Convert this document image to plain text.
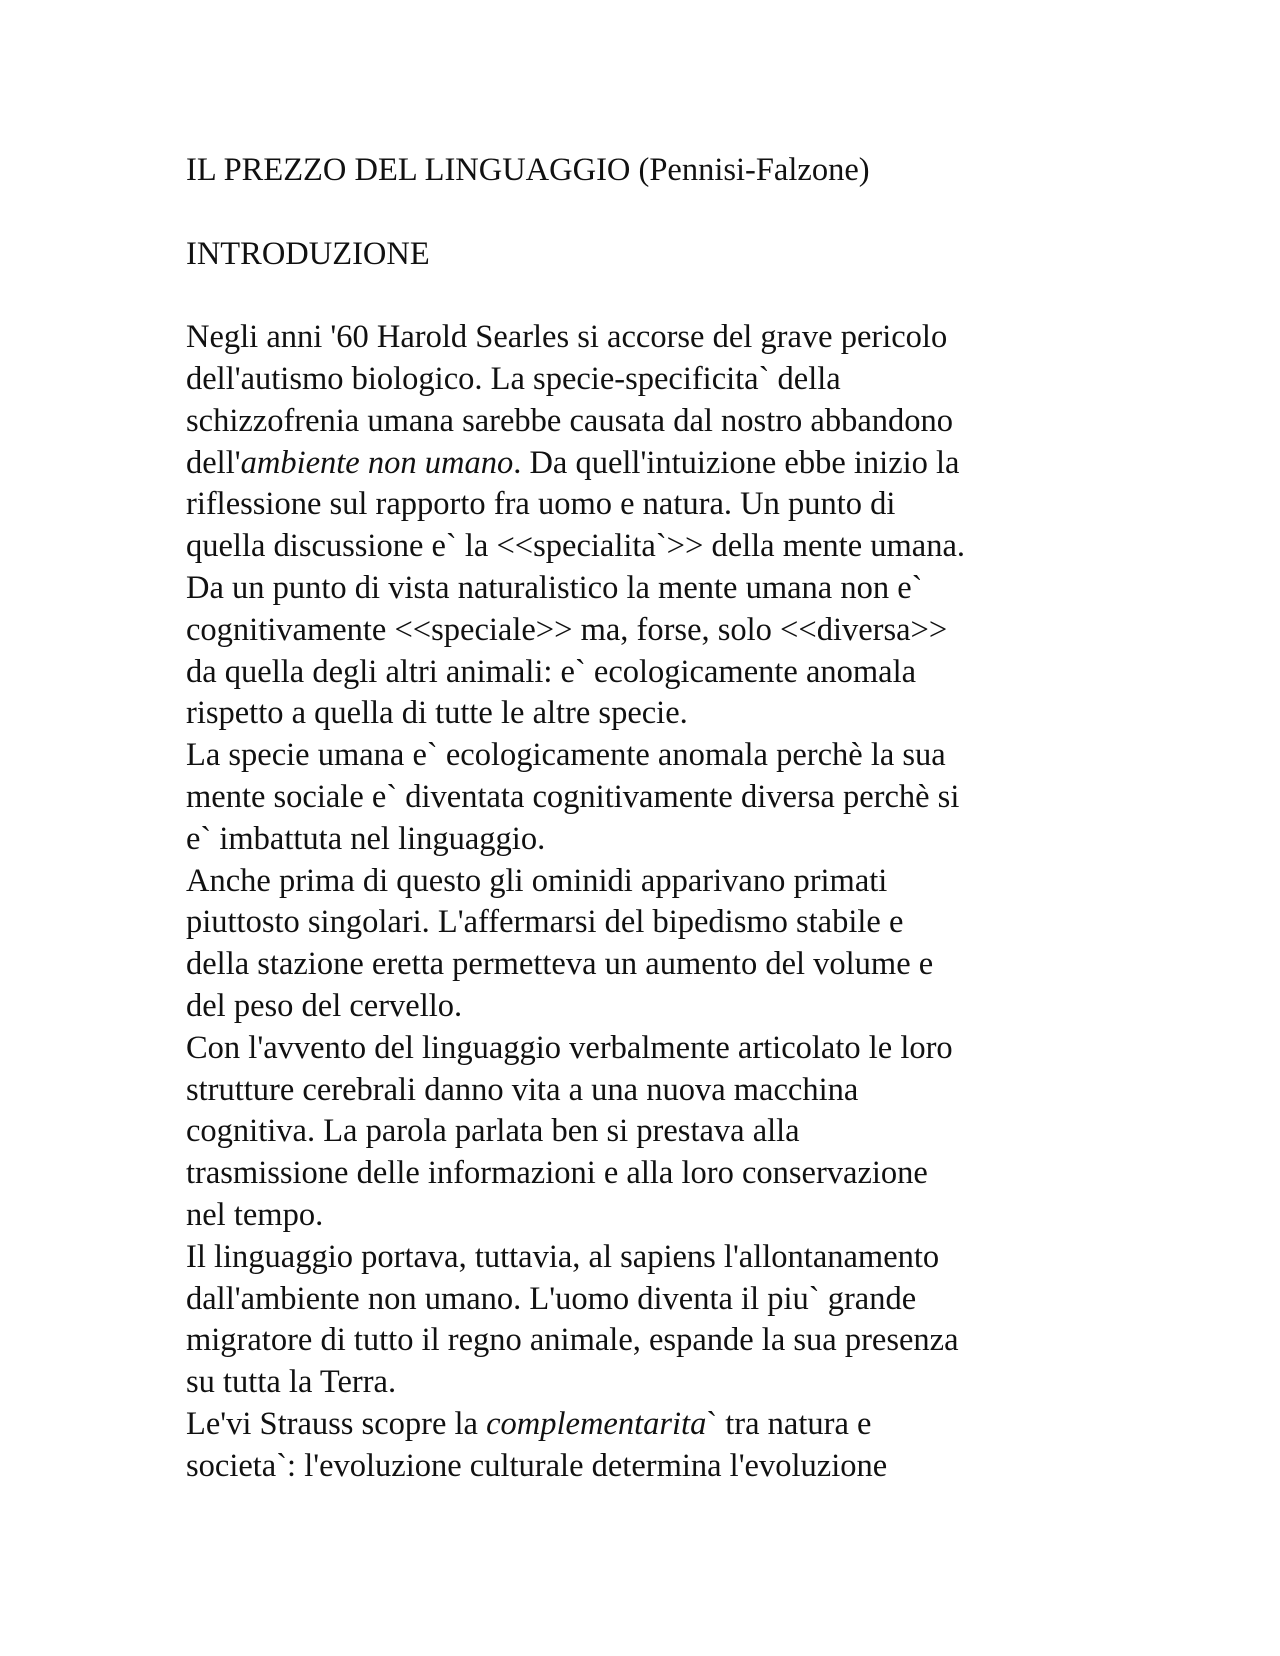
IL PREZZO DEL LINGUAGGIO (Pennisi-Falzone)
INTRODUZIONE
Negli anni '60 Harold Searles si accorse del grave pericolo
dell'autismo biologico. La specie-specificita` della
schizzofrenia umana sarebbe causata dal nostro abbandono
dell'ambiente non umano. Da quell'intuizione ebbe inizio la
riflessione sul rapporto fra uomo e natura. Un punto di
quella discussione e` la <<specialita`>> della mente umana.
Da un punto di vista naturalistico la mente umana non e`
cognitivamente <<speciale>> ma, forse, solo <<diversa>>
da quella degli altri animali: e` ecologicamente anomala
rispetto a quella di tutte le altre specie.
La specie umana e` ecologicamente anomala perchè la sua
mente sociale e` diventata cognitivamente diversa perchè si
e` imbattuta nel linguaggio.
Anche prima di questo gli ominidi apparivano primati
piuttosto singolari. L'affermarsi del bipedismo stabile e
della stazione eretta permetteva un aumento del volume e
del peso del cervello.
Con l'avvento del linguaggio verbalmente articolato le loro
strutture cerebrali danno vita a una nuova macchina
cognitiva. La parola parlata ben si prestava alla
trasmissione delle informazioni e alla loro conservazione
nel tempo.
Il linguaggio portava, tuttavia, al sapiens l'allontanamento
dall'ambiente non umano. L'uomo diventa il piu` grande
migratore di tutto il regno animale, espande la sua presenza
su tutta la Terra.
Le'vi Strauss scopre la complementarita` tra natura e
societa`: l'evoluzione culturale determina l'evoluzione
